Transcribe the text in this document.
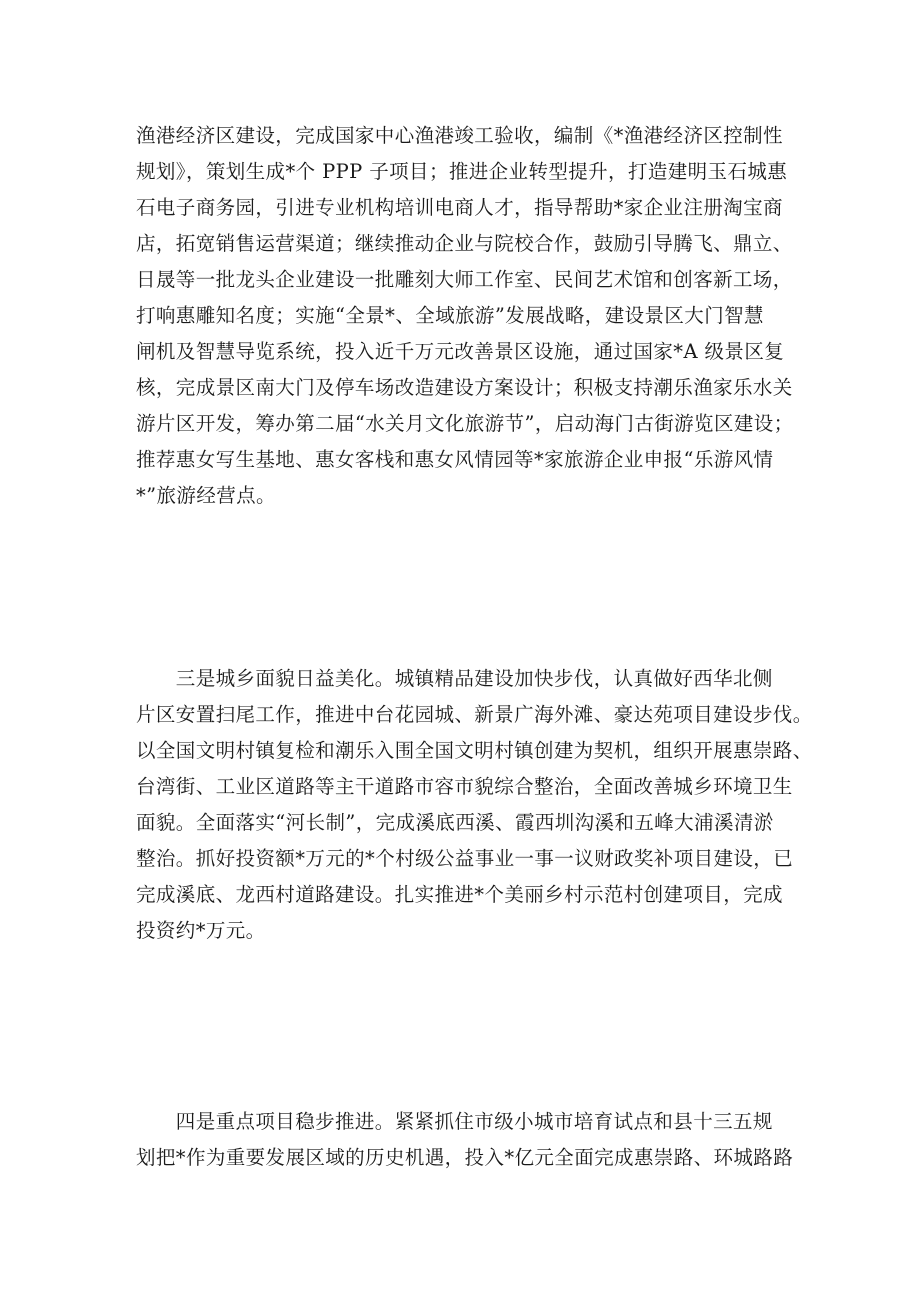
渔港经济区建设，完成国家中心渔港竣工验收，编制《*渔港经济区控制性
规划》，策划生成*个 PPP 子项目；推进企业转型提升，打造建明玉石城惠
石电子商务园，引进专业机构培训电商人才，指导帮助*家企业注册淘宝商
店，拓宽销售运营渠道；继续推动企业与院校合作，鼓励引导腾飞、鼎立、
日晟等一批龙头企业建设一批雕刻大师工作室、民间艺术馆和创客新工场，
打响惠雕知名度；实施“全景*、全域旅游”发展战略，建设景区大门智慧
闸机及智慧导览系统，投入近千万元改善景区设施，通过国家*A 级景区复
核，完成景区南大门及停车场改造建设方案设计；积极支持潮乐渔家乐水关
游片区开发，筹办第二届“水关月文化旅游节”，启动海门古街游览区建设；
推荐惠女写生基地、惠女客栈和惠女风情园等*家旅游企业申报“乐游风情
*”旅游经营点。
　　三是城乡面貌日益美化。城镇精品建设加快步伐，认真做好西华北侧
片区安置扫尾工作，推进中台花园城、新景广海外滩、豪达苑项目建设步伐。
以全国文明村镇复检和潮乐入围全国文明村镇创建为契机，组织开展惠崇路、
台湾街、工业区道路等主干道路市容市貌综合整治，全面改善城乡环境卫生
面貌。全面落实“河长制”，完成溪底西溪、霞西圳沟溪和五峰大浦溪清淤
整治。抓好投资额*万元的*个村级公益事业一事一议财政奖补项目建设，已
完成溪底、龙西村道路建设。扎实推进*个美丽乡村示范村创建项目，完成
投资约*万元。
　　四是重点项目稳步推进。紧紧抓住市级小城市培育试点和县十三五规
划把*作为重要发展区域的历史机遇，投入*亿元全面完成惠崇路、环城路路
